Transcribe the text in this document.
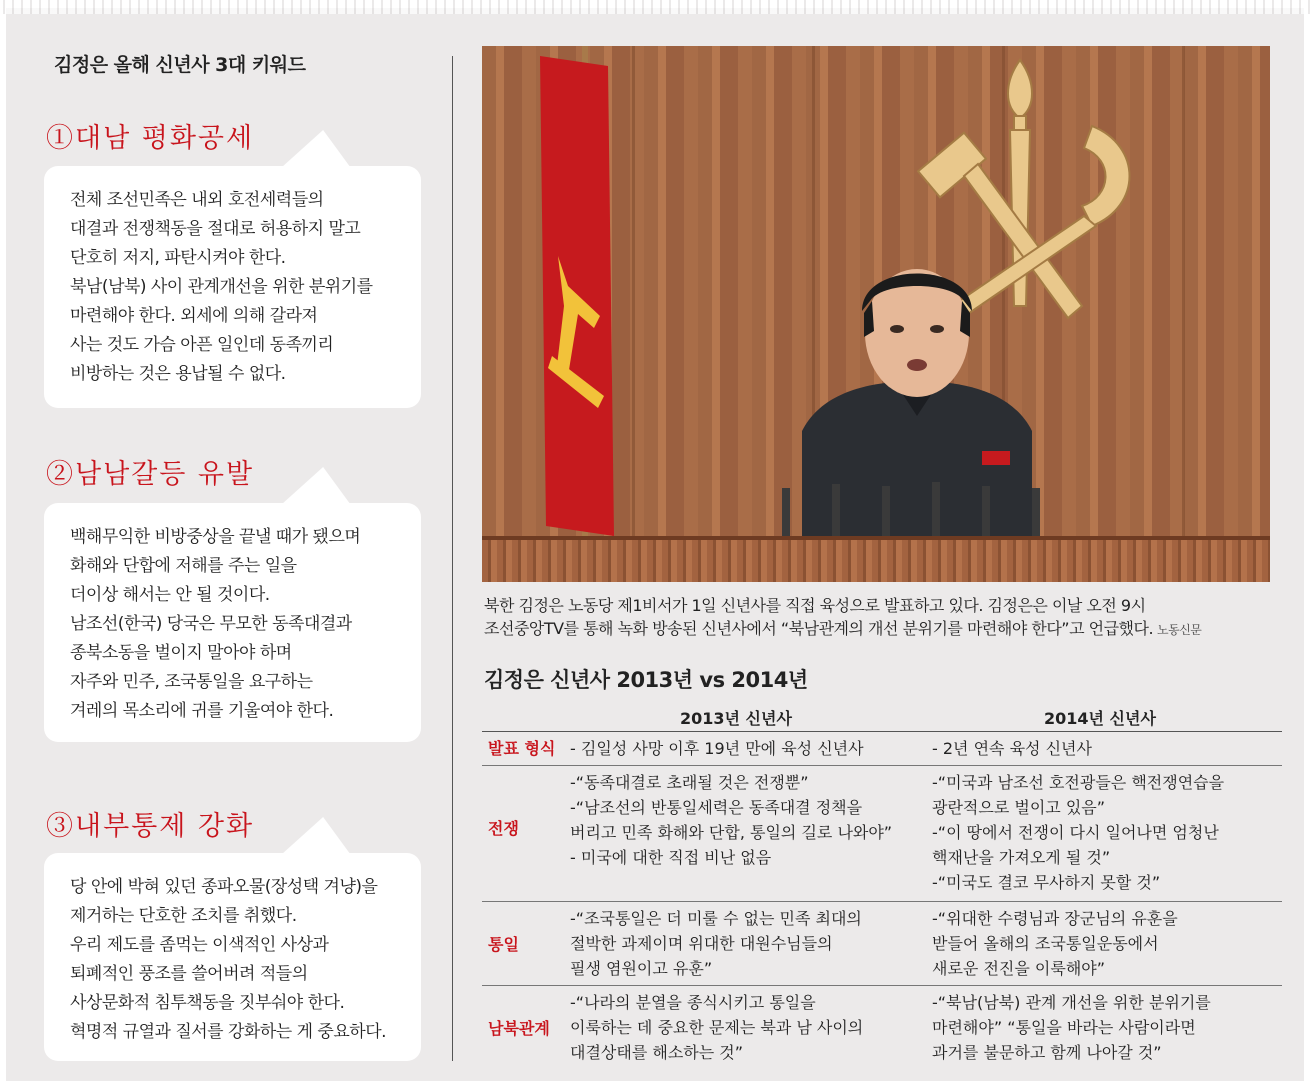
김정은 올해 신년사 3대 키워드
①대남 평화공세

전체 조선민족은 내외 호전세력들의

대결과 전쟁책동을 절대로 허용하지 말고

단호히 저지, 파탄시켜야 한다.

북남(남북) 사이 관계개선을 위한 분위기를

마련해야 한다. 외세에 의해 갈라져

사는 것도 가슴 아픈 일인데 동족끼리

비방하는 것은 용납될 수 없다.

②남남갈등 유발

백해무익한 비방중상을 끝낼 때가 됐으며

화해와 단합에 저해를 주는 일을

더이상 해서는 안 될 것이다.

남조선(한국) 당국은 무모한 동족대결과

종북소동을 벌이지 말아야 하며

자주와 민주, 조국통일을 요구하는

겨레의 목소리에 귀를 기울여야 한다.

③내부통제 강화

당 안에 박혀 있던 종파오물(장성택 겨냥)을

제거하는 단호한 조치를 취했다.

우리 제도를 좀먹는 이색적인 사상과

퇴폐적인 풍조를 쓸어버려 적들의

사상문화적 침투책동을 짓부숴야 한다.

혁명적 규열과 질서를 강화하는 게 중요하다.

북한 김정은 노동당 제1비서가 1일 신년사를 직접 육성으로 발표하고 있다. 김정은은 이날 오전 9시

조선중앙TV를 통해 녹화 방송된 신년사에서 “북남관계의 개선 분위기를 마련해야 한다”고 언급했다. 노동신문

김정은 신년사 2013년 vs 2014년
2013년 신년사	2014년 신년사
발표 형식 - 김일성 사망 이후 19년 만에 육성 신년사	- 2년 연속 육성 신년사

전쟁

-“동족대결로 초래될 것은 전쟁뿐”

-“남조선의 반통일세력은 동족대결 정책을

버리고 민족 화해와 단합, 통일의 길로 나와야”

- 미국에 대한 직접 비난 없음

-“미국과 남조선 호전광들은 핵전쟁연습을

광란적으로 벌이고 있음”

-“이 땅에서 전쟁이 다시 일어나면 엄청난

핵재난을 가져오게 될 것”

-“미국도 결코 무사하지 못할 것”

통일

-“조국통일은 더 미룰 수 없는 민족 최대의

절박한 과제이며 위대한 대원수님들의

필생 염원이고 유훈”

-“위대한 수령님과 장군님의 유훈을

받들어 올해의 조국통일운동에서

새로운 전진을 이룩해야”

남북관계

-“나라의 분열을 종식시키고 통일을

이룩하는 데 중요한 문제는 북과 남 사이의

대결상태를 해소하는 것”

-“북남(남북) 관계 개선을 위한 분위기를

마련해야” “통일을 바라는 사람이라면

과거를 불문하고 함께 나아갈 것”
